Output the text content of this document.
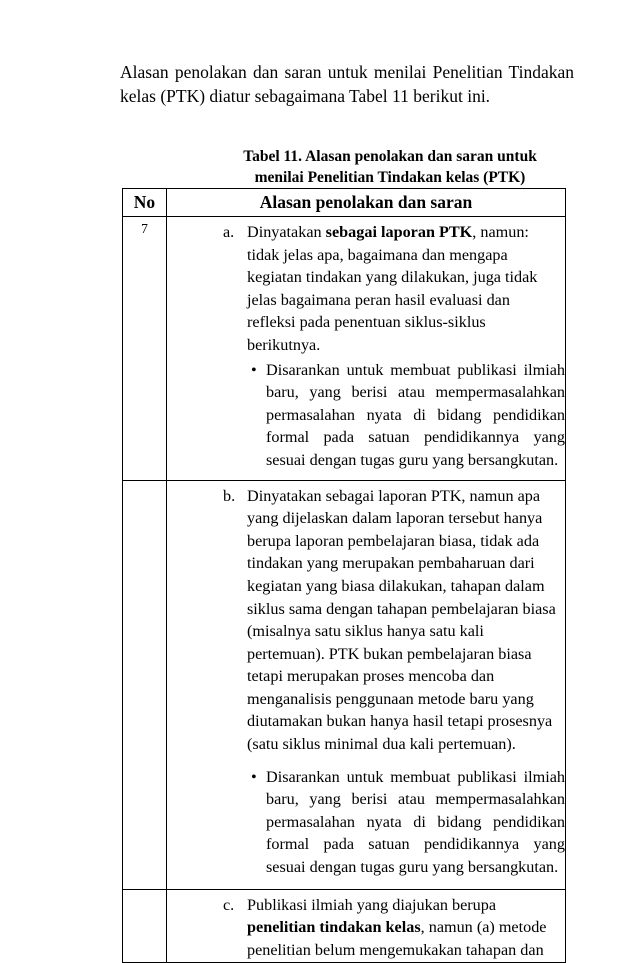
Alasan penolakan dan saran untuk menilai Penelitian Tindakan kelas (PTK) diatur sebagaimana Tabel 11 berikut ini.

Tabel 11. Alasan penolakan dan saran untuk
menilai Penelitian Tindakan kelas (PTK)
No	Alasan penolakan dan saran
7	a. Dinyatakan sebagai laporan PTK, namun: tidak jelas apa, bagaimana dan mengapa kegiatan tindakan yang dilakukan, juga tidak jelas bagaimana peran hasil evaluasi dan refleksi pada penentuan siklus-siklus berikutnya.
• Disarankan untuk membuat publikasi ilmiah baru, yang berisi atau mempermasalahkan permasalahan nyata di bidang pendidikan formal pada satuan pendidikannya yang sesuai dengan tugas guru yang bersangkutan.

	b. Dinyatakan sebagai laporan PTK, namun apa yang dijelaskan dalam laporan tersebut hanya berupa laporan pembelajaran biasa, tidak ada tindakan yang merupakan pembaharuan dari kegiatan yang biasa dilakukan, tahapan dalam siklus sama dengan tahapan pembelajaran biasa (misalnya satu siklus hanya satu kali pertemuan). PTK bukan pembelajaran biasa tetapi merupakan proses mencoba dan menganalisis penggunaan metode baru yang diutamakan bukan hanya hasil tetapi prosesnya (satu siklus minimal dua kali pertemuan).
• Disarankan untuk membuat publikasi ilmiah baru, yang berisi atau mempermasalahkan permasalahan nyata di bidang pendidikan formal pada satuan pendidikannya yang sesuai dengan tugas guru yang bersangkutan.

	c. Publikasi ilmiah yang diajukan berupa penelitian tindakan kelas, namun (a) metode penelitian belum mengemukakan tahapan dan
